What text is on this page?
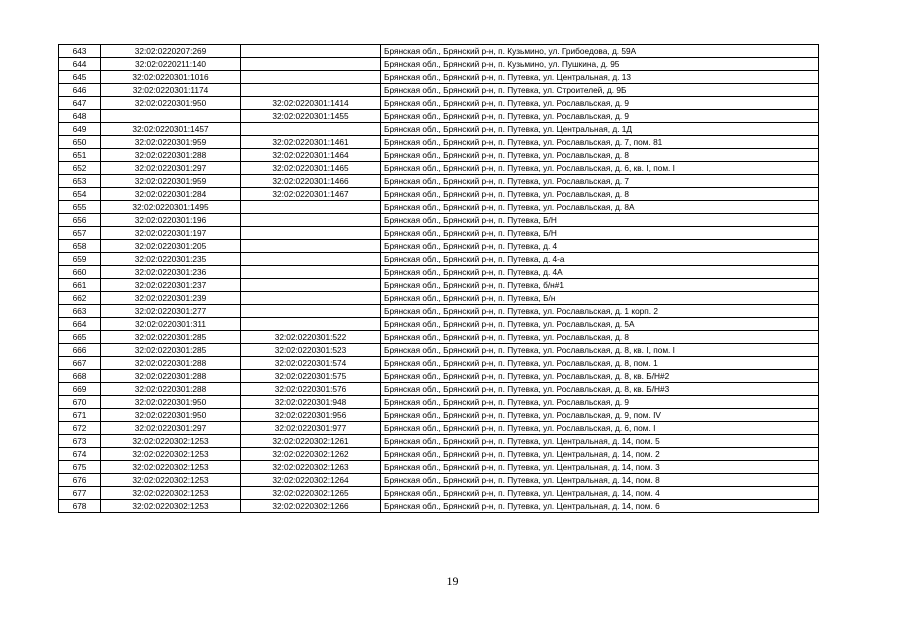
643	32:02:0220207:269		Брянская обл., Брянский р-н, п. Кузьмино, ул. Грибоедова, д. 59А
644	32:02:0220211:140		Брянская обл., Брянский р-н, п. Кузьмино, ул. Пушкина, д. 95
645	32:02:0220301:1016		Брянская обл., Брянский р-н, п. Путевка, ул. Центральная, д. 13
646	32:02:0220301:1174		Брянская обл., Брянский р-н, п. Путевка, ул. Строителей, д. 9Б
647	32:02:0220301:950	32:02:0220301:1414	Брянская обл., Брянский р-н, п. Путевка, ул. Рославльская, д. 9
648		32:02:0220301:1455	Брянская обл., Брянский р-н, п. Путевка, ул. Рославльская, д. 9
649	32:02:0220301:1457		Брянская обл., Брянский р-н, п. Путевка, ул. Центральная, д. 1Д
650	32:02:0220301:959	32:02:0220301:1461	Брянская обл., Брянский р-н, п. Путевка, ул. Рославльская, д. 7, пом. 81
651	32:02:0220301:288	32:02:0220301:1464	Брянская обл., Брянский р-н, п. Путевка, ул. Рославльская, д. 8
652	32:02:0220301:297	32:02:0220301:1465	Брянская обл., Брянский р-н, п. Путевка, ул. Рославльская, д. 6, кв. I, пом. I
653	32:02:0220301:959	32:02:0220301:1466	Брянская обл., Брянский р-н, п. Путевка, ул. Рославльская, д. 7
654	32:02:0220301:284	32:02:0220301:1467	Брянская обл., Брянский р-н, п. Путевка, ул. Рославльская, д. 8
655	32:02:0220301:1495		Брянская обл., Брянский р-н, п. Путевка, ул. Рославльская, д. 8А
656	32:02:0220301:196		Брянская обл., Брянский р-н, п. Путевка, Б/Н
657	32:02:0220301:197		Брянская обл., Брянский р-н, п. Путевка, Б/Н
658	32:02:0220301:205		Брянская обл., Брянский р-н, п. Путевка, д. 4
659	32:02:0220301:235		Брянская обл., Брянский р-н, п. Путевка, д. 4-а
660	32:02:0220301:236		Брянская обл., Брянский р-н, п. Путевка, д. 4А
661	32:02:0220301:237		Брянская обл., Брянский р-н, п. Путевка, б/н#1
662	32:02:0220301:239		Брянская обл., Брянский р-н, п. Путевка, Б/н
663	32:02:0220301:277		Брянская обл., Брянский р-н, п. Путевка, ул. Рославльская, д. 1 корп. 2
664	32:02:0220301:311		Брянская обл., Брянский р-н, п. Путевка, ул. Рославльская, д. 5А
665	32:02:0220301:285	32:02:0220301:522	Брянская обл., Брянский р-н, п. Путевка, ул. Рославльская, д. 8
666	32:02:0220301:285	32:02:0220301:523	Брянская обл., Брянский р-н, п. Путевка, ул. Рославльская, д. 8, кв. I, пом. I
667	32:02:0220301:288	32:02:0220301:574	Брянская обл., Брянский р-н, п. Путевка, ул. Рославльская, д. 8, пом. 1
668	32:02:0220301:288	32:02:0220301:575	Брянская обл., Брянский р-н, п. Путевка, ул. Рославльская, д. 8, кв. Б/Н#2
669	32:02:0220301:288	32:02:0220301:576	Брянская обл., Брянский р-н, п. Путевка, ул. Рославльская, д. 8, кв. Б/Н#3
670	32:02:0220301:950	32:02:0220301:948	Брянская обл., Брянский р-н, п. Путевка, ул. Рославльская, д. 9
671	32:02:0220301:950	32:02:0220301:956	Брянская обл., Брянский р-н, п. Путевка, ул. Рославльская, д. 9, пом. IV
672	32:02:0220301:297	32:02:0220301:977	Брянская обл., Брянский р-н, п. Путевка, ул. Рославльская, д. 6, пом. I
673	32:02:0220302:1253	32:02:0220302:1261	Брянская обл., Брянский р-н, п. Путевка, ул. Центральная, д. 14, пом. 5
674	32:02:0220302:1253	32:02:0220302:1262	Брянская обл., Брянский р-н, п. Путевка, ул. Центральная, д. 14, пом. 2
675	32:02:0220302:1253	32:02:0220302:1263	Брянская обл., Брянский р-н, п. Путевка, ул. Центральная, д. 14, пом. 3
676	32:02:0220302:1253	32:02:0220302:1264	Брянская обл., Брянский р-н, п. Путевка, ул. Центральная, д. 14, пом. 8
677	32:02:0220302:1253	32:02:0220302:1265	Брянская обл., Брянский р-н, п. Путевка, ул. Центральная, д. 14, пом. 4
678	32:02:0220302:1253	32:02:0220302:1266	Брянская обл., Брянский р-н, п. Путевка, ул. Центральная, д. 14, пом. 6
19
